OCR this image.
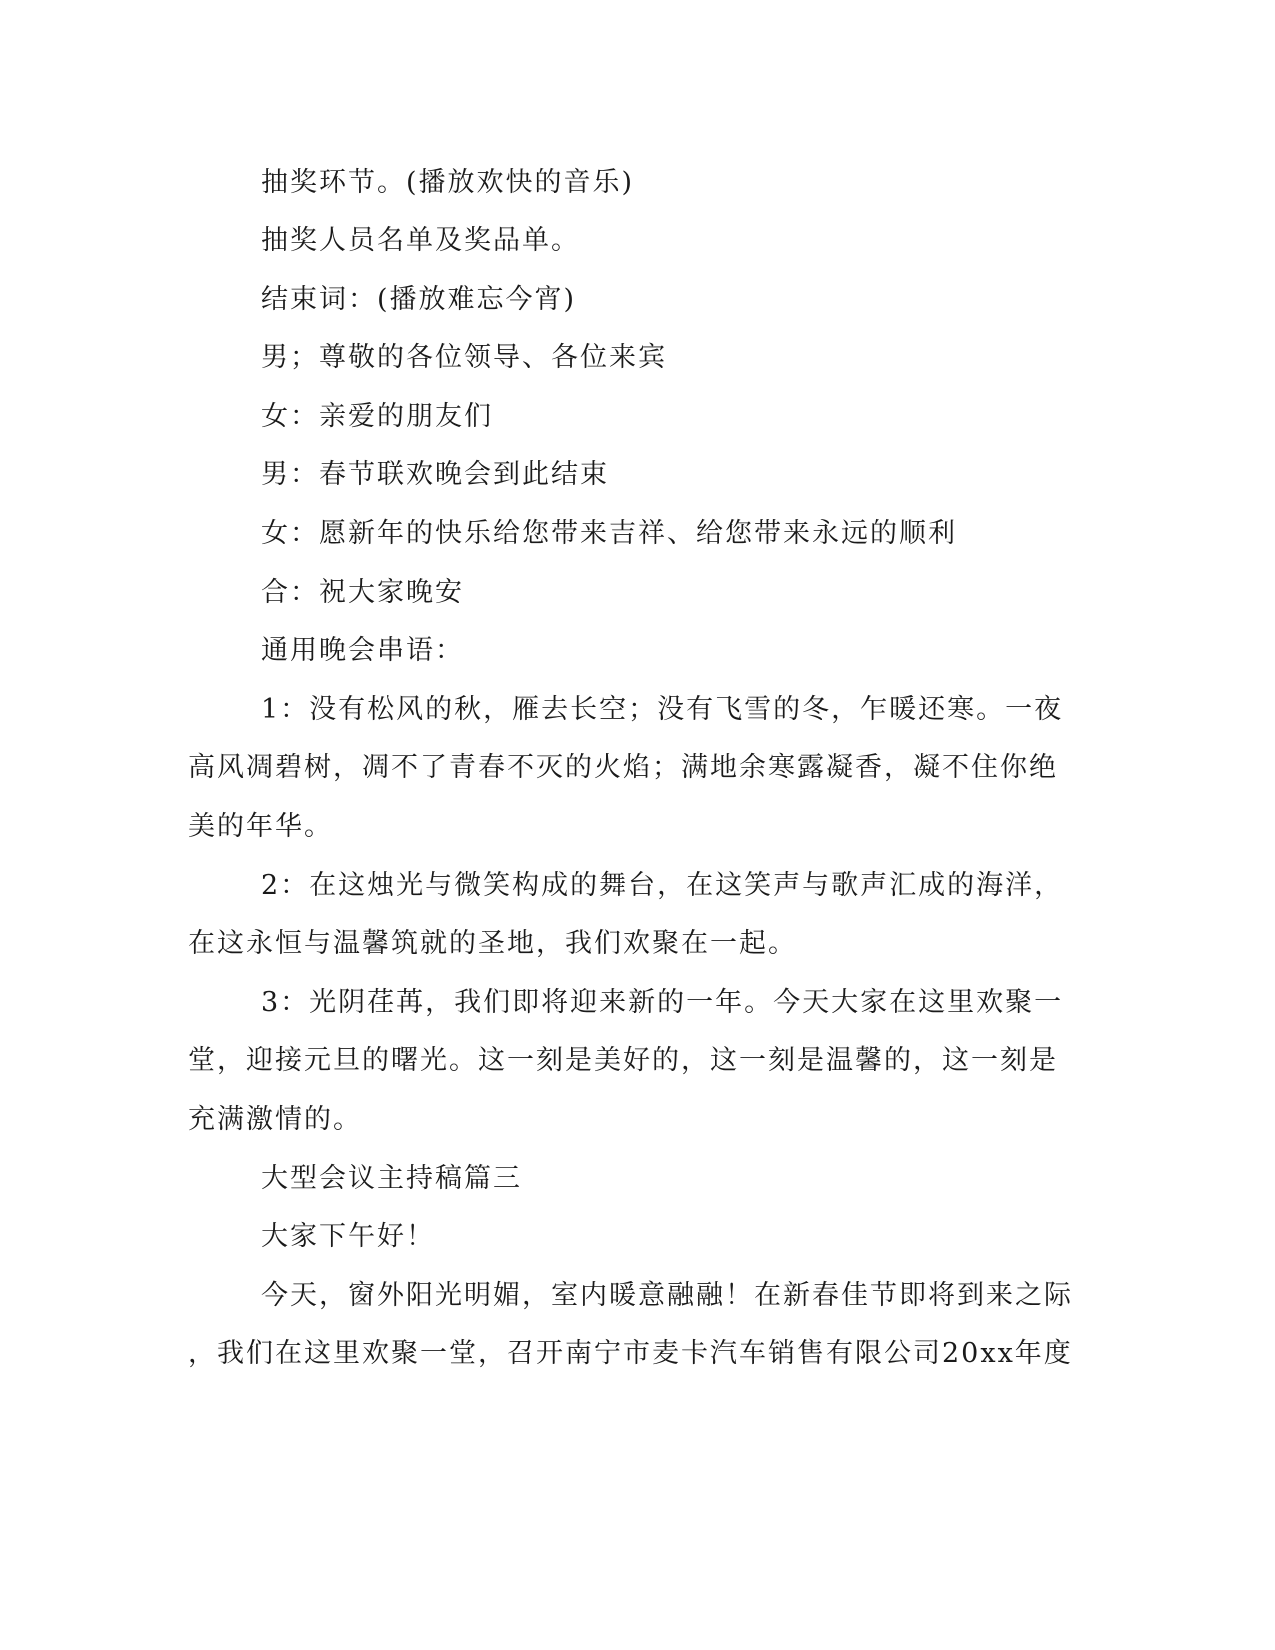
抽奖环节。(播放欢快的音乐)
抽奖人员名单及奖品单。
结束词：(播放难忘今宵)
男；尊敬的各位领导、各位来宾
女：亲爱的朋友们
男：春节联欢晚会到此结束
女：愿新年的快乐给您带来吉祥、给您带来永远的顺利
合：祝大家晚安
通用晚会串语：
1：没有松风的秋，雁去长空；没有飞雪的冬，乍暖还寒。一夜
高风凋碧树，凋不了青春不灭的火焰；满地余寒露凝香，凝不住你绝
美的年华。
2：在这烛光与微笑构成的舞台，在这笑声与歌声汇成的海洋，
在这永恒与温馨筑就的圣地，我们欢聚在一起。
3：光阴荏苒，我们即将迎来新的一年。今天大家在这里欢聚一
堂，迎接元旦的曙光。这一刻是美好的，这一刻是温馨的，这一刻是
充满激情的。
大型会议主持稿篇三
大家下午好！
今天，窗外阳光明媚，室内暖意融融！在新春佳节即将到来之际
，我们在这里欢聚一堂，召开南宁市麦卡汽车销售有限公司20xx年度
